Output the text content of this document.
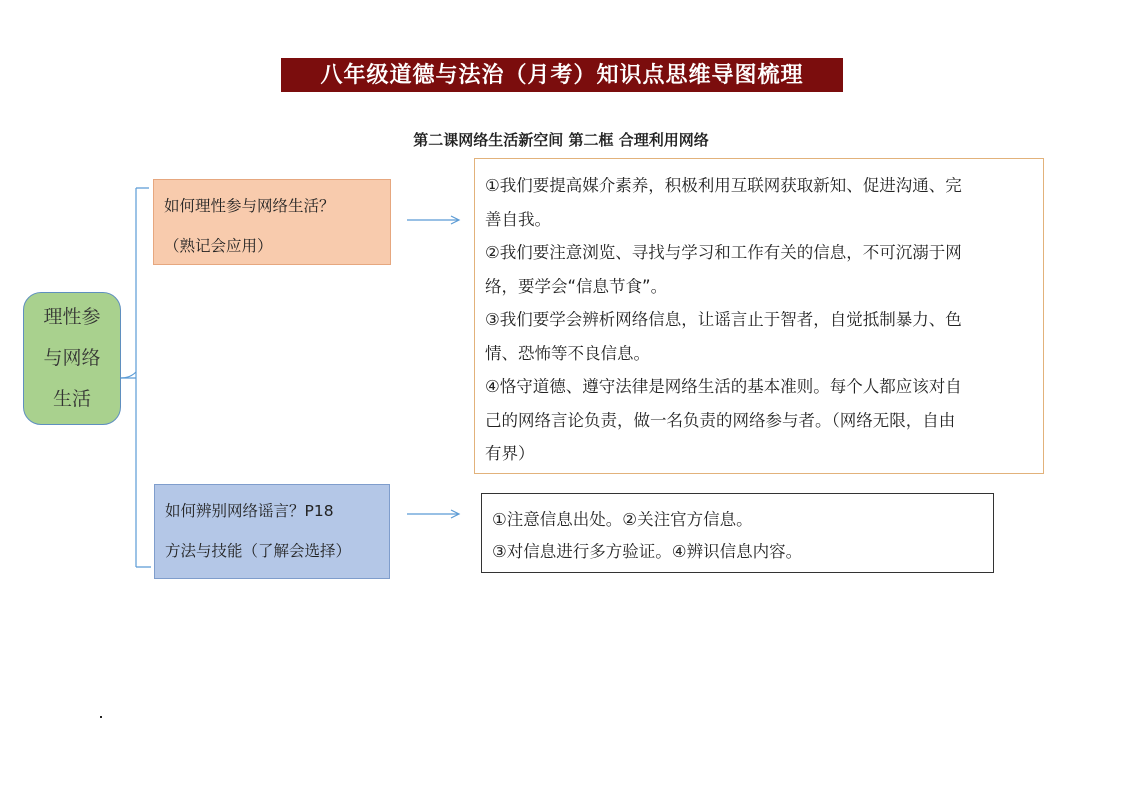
八年级道德与法治（月考）知识点思维导图梳理
第二课网络生活新空间 第二框 合理利用网络
理性参
与网络
生活
如何理性参与网络生活？
（熟记会应用）
①我们要提高媒介素养，积极利用互联网获取新知、促进沟通、完
善自我。
②我们要注意浏览、寻找与学习和工作有关的信息，不可沉溺于网
络，要学会“信息节食”。
③我们要学会辨析网络信息，让谣言止于智者，自觉抵制暴力、色
情、恐怖等不良信息。
④恪守道德、遵守法律是网络生活的基本准则。每个人都应该对自
己的网络言论负责，做一名负责的网络参与者。（网络无限，自由
有界）
如何辨别网络谣言？P18
方法与技能（了解会选择）
①注意信息出处。②关注官方信息。
③对信息进行多方验证。④辨识信息内容。
